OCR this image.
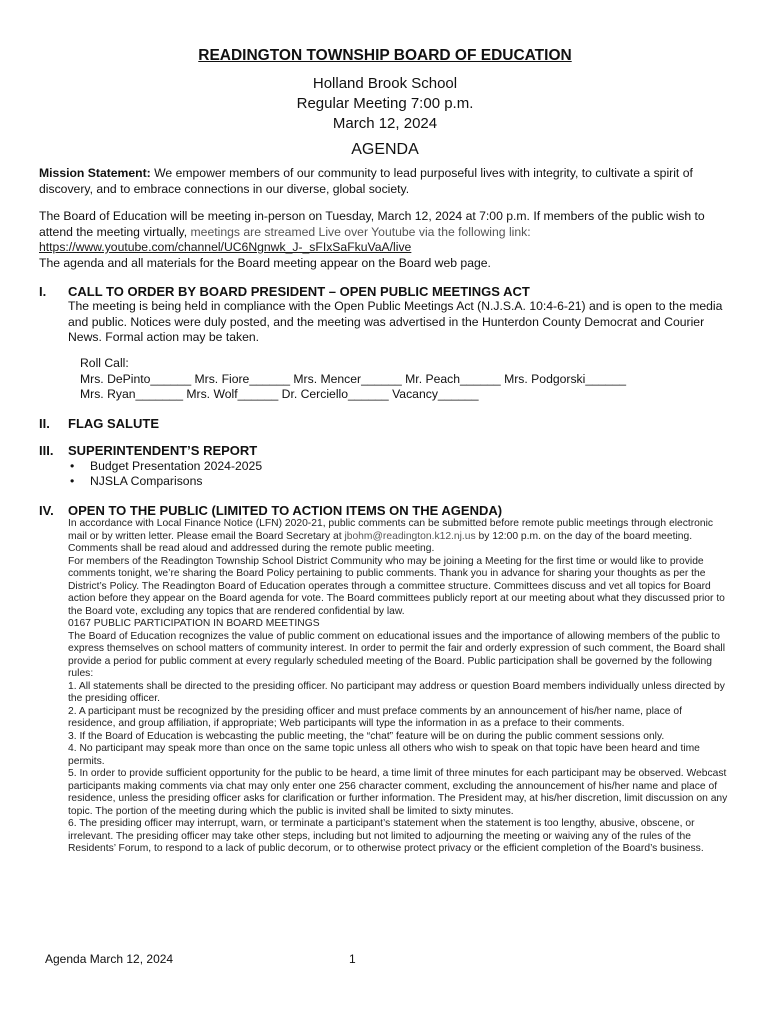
READINGTON TOWNSHIP BOARD OF EDUCATION
Holland Brook School
Regular Meeting 7:00 p.m.
March 12, 2024
AGENDA
Mission Statement: We empower members of our community to lead purposeful lives with integrity, to cultivate a spirit of discovery, and to embrace connections in our diverse, global society.
The Board of Education will be meeting in-person on Tuesday, March 12, 2024 at 7:00 p.m. If members of the public wish to attend the meeting virtually, meetings are streamed Live over Youtube via the following link:
https://www.youtube.com/channel/UC6Ngnwk_J-_sFIxSaFkuVaA/live
The agenda and all materials for the Board meeting appear on the Board web page.
I. CALL TO ORDER BY BOARD PRESIDENT – OPEN PUBLIC MEETINGS ACT
The meeting is being held in compliance with the Open Public Meetings Act (N.J.S.A. 10:4-6-21) and is open to the media and public. Notices were duly posted, and the meeting was advertised in the Hunterdon County Democrat and Courier News. Formal action may be taken.
Roll Call:
Mrs. DePinto______ Mrs. Fiore______ Mrs. Mencer______ Mr. Peach______ Mrs. Podgorski______
Mrs. Ryan_______ Mrs. Wolf______ Dr. Cerciello______ Vacancy______
II. FLAG SALUTE
III. SUPERINTENDENT’S REPORT
• Budget Presentation 2024-2025
• NJSLA Comparisons
IV. OPEN TO THE PUBLIC (LIMITED TO ACTION ITEMS ON THE AGENDA)
In accordance with Local Finance Notice (LFN) 2020-21, public comments can be submitted before remote public meetings through electronic mail or by written letter. Please email the Board Secretary at jbohm@readington.k12.nj.us by 12:00 p.m. on the day of the board meeting. Comments shall be read aloud and addressed during the remote public meeting.
For members of the Readington Township School District Community who may be joining a Meeting for the first time or would like to provide comments tonight, we’re sharing the Board Policy pertaining to public comments. Thank you in advance for sharing your thoughts as per the District’s Policy. The Readington Board of Education operates through a committee structure. Committees discuss and vet all topics for Board action before they appear on the Board agenda for vote. The Board committees publicly report at our meeting about what they discussed prior to the Board vote, excluding any topics that are rendered confidential by law.
0167 PUBLIC PARTICIPATION IN BOARD MEETINGS
The Board of Education recognizes the value of public comment on educational issues and the importance of allowing members of the public to express themselves on school matters of community interest. In order to permit the fair and orderly expression of such comment, the Board shall provide a period for public comment at every regularly scheduled meeting of the Board. Public participation shall be governed by the following rules:
1. All statements shall be directed to the presiding officer. No participant may address or question Board members individually unless directed by the presiding officer.
2. A participant must be recognized by the presiding officer and must preface comments by an announcement of his/her name, place of residence, and group affiliation, if appropriate; Web participants will type the information in as a preface to their comments.
3. If the Board of Education is webcasting the public meeting, the “chat” feature will be on during the public comment sessions only.
4. No participant may speak more than once on the same topic unless all others who wish to speak on that topic have been heard and time permits.
5. In order to provide sufficient opportunity for the public to be heard, a time limit of three minutes for each participant may be observed. Webcast participants making comments via chat may only enter one 256 character comment, excluding the announcement of his/her name and place of residence, unless the presiding officer asks for clarification or further information. The President may, at his/her discretion, limit discussion on any topic. The portion of the meeting during which the public is invited shall be limited to sixty minutes.
6. The presiding officer may interrupt, warn, or terminate a participant’s statement when the statement is too lengthy, abusive, obscene, or irrelevant. The presiding officer may take other steps, including but not limited to adjourning the meeting or waiving any of the rules of the Residents’ Forum, to respond to a lack of public decorum, or to otherwise protect privacy or the efficient completion of the Board’s business.
Agenda March 12, 2024	1
